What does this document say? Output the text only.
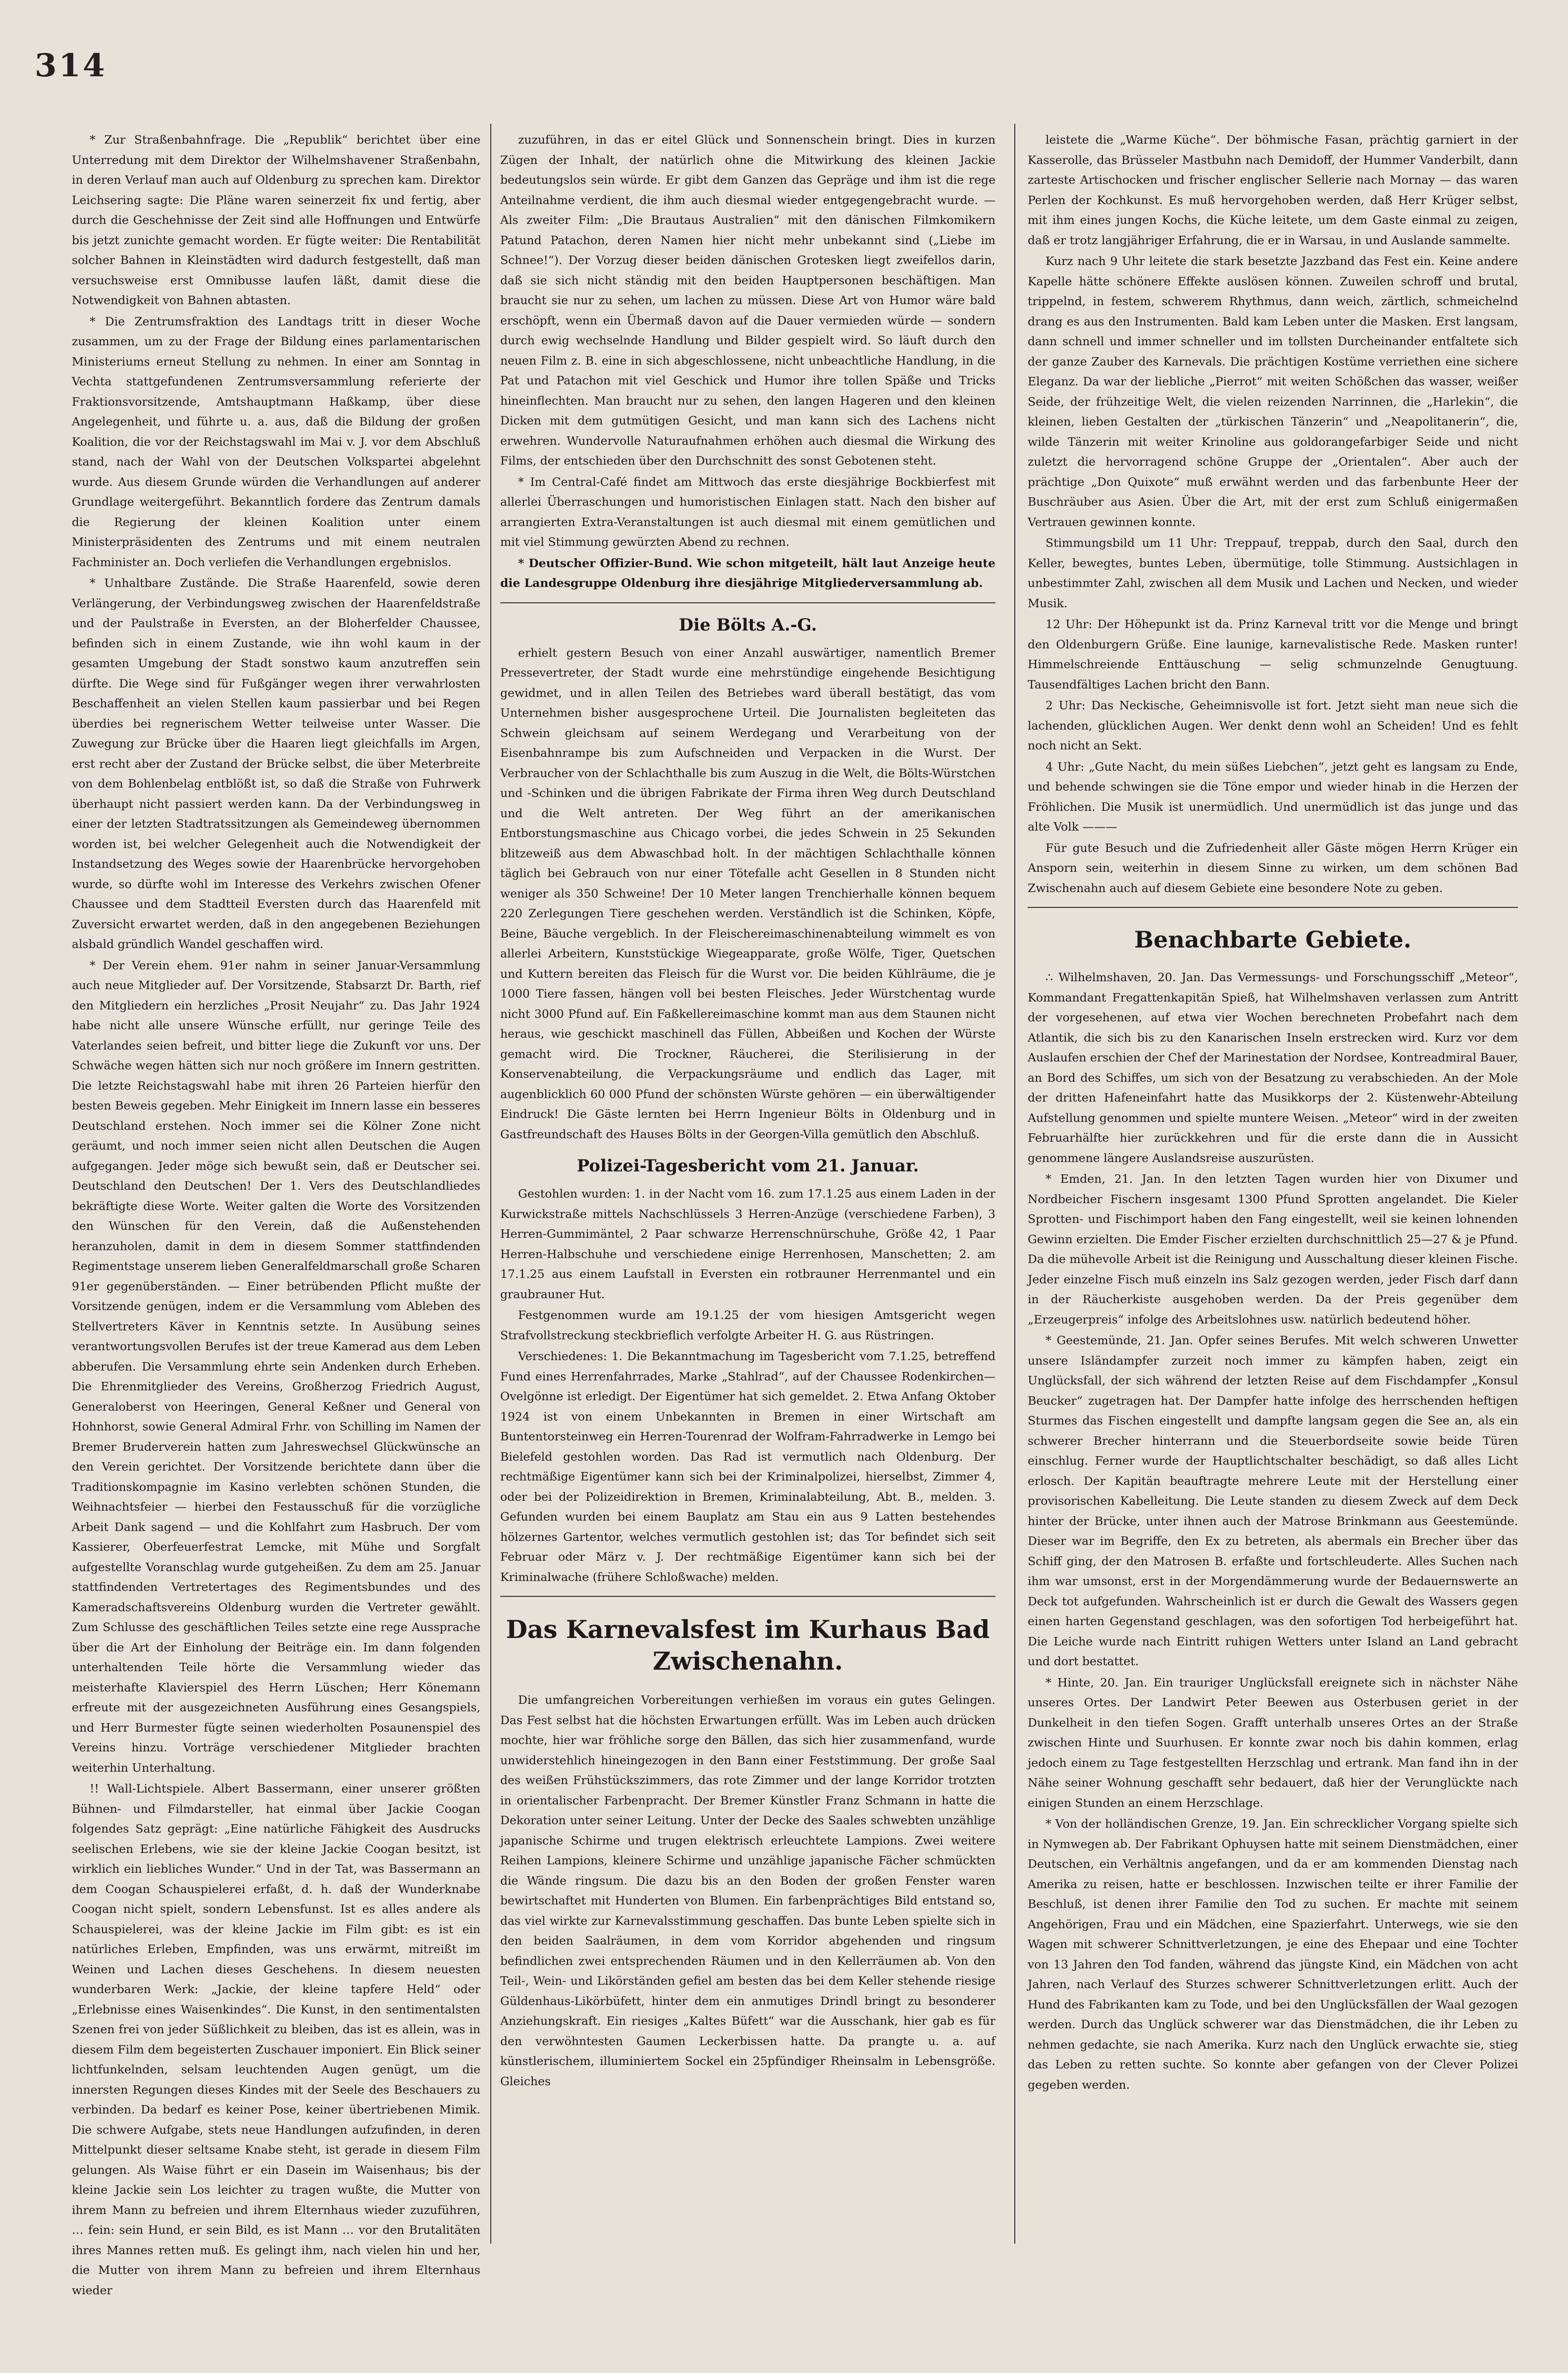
314

* Zur Straßenbahnfrage. Die „Republik“ berichtet über eine Unterredung mit dem Direktor der Wilhelmshavener Straßenbahn, in deren Verlauf man auch auf Oldenburg zu sprechen kam. Direktor Leichsering sagte: Die Pläne waren seinerzeit fix und fertig, aber durch die Geschehnisse der Zeit sind alle Hoffnungen und Entwürfe bis jetzt zunichte gemacht worden. Er fügte weiter: Die Rentabilität solcher Bahnen in Kleinstädten wird dadurch festgestellt, daß man versuchsweise erst Omnibusse laufen läßt, damit diese die Notwendigkeit von Bahnen abtasten.

* Die Zentrumsfraktion des Landtags tritt in dieser Woche zusammen, um zu der Frage der Bildung eines parlamentarischen Ministeriums erneut Stellung zu nehmen. In einer am Sonntag in Vechta stattgefundenen Zentrumsversammlung referierte der Fraktionsvorsitzende, Amtshauptmann Haßkamp, über diese Angelegenheit, und führte u. a. aus, daß die Bildung der großen Koalition, die vor der Reichstagswahl im Mai v. J. vor dem Abschluß stand, nach der Wahl von der Deutschen Volkspartei abgelehnt wurde. Aus diesem Grunde würden die Verhandlungen auf anderer Grundlage weitergeführt. Bekanntlich fordere das Zentrum damals die Regierung der kleinen Koalition unter einem Ministerpräsidenten des Zentrums und mit einem neutralen Fachminister an. Doch verliefen die Verhandlungen ergebnislos.

* Unhaltbare Zustände. Die Straße Haarenfeld, sowie deren Verlängerung, der Verbindungsweg zwischen der Haarenfeldstraße und der Paulstraße in Eversten, an der Bloherfelder Chaussee, befinden sich in einem Zustande, wie ihn wohl kaum in der gesamten Umgebung der Stadt sonstwo kaum anzutreffen sein dürfte. Die Wege sind für Fußgänger wegen ihrer verwahrlosten Beschaffenheit an vielen Stellen kaum passierbar und bei Regen überdies bei regnerischem Wetter teilweise unter Wasser. Die Zuwegung zur Brücke über die Haaren liegt gleichfalls im Argen, erst recht aber der Zustand der Brücke selbst, die über Meterbreite von dem Bohlenbelag entblößt ist, so daß die Straße von Fuhrwerk überhaupt nicht passiert werden kann. Da der Verbindungsweg in einer der letzten Stadtratssitzungen als Gemeindeweg übernommen worden ist, bei welcher Gelegenheit auch die Notwendigkeit der Instandsetzung des Weges sowie der Haarenbrücke hervorgehoben wurde, so dürfte wohl im Interesse des Verkehrs zwischen Ofener Chaussee und dem Stadtteil Eversten durch das Haarenfeld mit Zuversicht erwartet werden, daß in den angegebenen Beziehungen alsbald gründlich Wandel geschaffen wird.

* Der Verein ehem. 91er nahm in seiner Januar-Versammlung auch neue Mitglieder auf. Der Vorsitzende, Stabsarzt Dr. Barth, rief den Mitgliedern ein herzliches „Prosit Neujahr“ zu. Das Jahr 1924 habe nicht alle unsere Wünsche erfüllt, nur geringe Teile des Vaterlandes seien befreit, und bitter liege die Zukunft vor uns. Der Schwäche wegen hätten sich nur noch größere im Innern gestritten. Die letzte Reichstagswahl habe mit ihren 26 Parteien hierfür den besten Beweis gegeben. Mehr Einigkeit im Innern lasse ein besseres Deutschland erstehen. Noch immer sei die Kölner Zone nicht geräumt, und noch immer seien nicht allen Deutschen die Augen aufgegangen. Jeder möge sich bewußt sein, daß er Deutscher sei. Deutschland den Deutschen! Der 1. Vers des Deutschlandliedes bekräftigte diese Worte. Weiter galten die Worte des Vorsitzenden den Wünschen für den Verein, daß die Außenstehenden heranzuholen, damit in dem in diesem Sommer stattfindenden Regimentstage unserem lieben Generalfeldmarschall große Scharen 91er gegenüberständen. — Einer betrübenden Pflicht mußte der Vorsitzende genügen, indem er die Versammlung vom Ableben des Stellvertreters Käver in Kenntnis setzte. In Ausübung seines verantwortungsvollen Berufes ist der treue Kamerad aus dem Leben abberufen. Die Versammlung ehrte sein Andenken durch Erheben. Die Ehrenmitglieder des Vereins, Großherzog Friedrich August, Generaloberst von Heeringen, General Keßner und General von Hohnhorst, sowie General Admiral Frhr. von Schilling im Namen der Bremer Bruderverein hatten zum Jahreswechsel Glückwünsche an den Verein gerichtet. Der Vorsitzende berichtete dann über die Traditionskompagnie im Kasino verlebten schönen Stunden, die Weihnachtsfeier — hierbei den Festausschuß für die vorzügliche Arbeit Dank sagend — und die Kohlfahrt zum Hasbruch. Der vom Kassierer, Oberfeuerfestrat Lemcke, mit Mühe und Sorgfalt aufgestellte Voranschlag wurde gutgeheißen. Zu dem am 25. Januar stattfindenden Vertretertages des Regimentsbundes und des Kameradschaftsvereins Oldenburg wurden die Vertreter gewählt. Zum Schlusse des geschäftlichen Teiles setzte eine rege Aussprache über die Art der Einholung der Beiträge ein. Im dann folgenden unterhaltenden Teile hörte die Versammlung wieder das meisterhafte Klavierspiel des Herrn Lüschen; Herr Könemann erfreute mit der ausgezeichneten Ausführung eines Gesangspiels, und Herr Burmester fügte seinen wiederholten Posaunenspiel des Vereins hinzu. Vorträge verschiedener Mitglieder brachten weiterhin Unterhaltung.

!! Wall-Lichtspiele. Albert Bassermann, einer unserer größten Bühnen- und Filmdarsteller, hat einmal über Jackie Coogan folgendes Satz geprägt: „Eine natürliche Fähigkeit des Ausdrucks seelischen Erlebens, wie sie der kleine Jackie Coogan besitzt, ist wirklich ein liebliches Wunder.“ Und in der Tat, was Bassermann an dem Coogan Schauspielerei erfaßt, d. h. daß der Wunderknabe Coogan nicht spielt, sondern Lebensfunst. Ist es alles andere als Schauspielerei, was der kleine Jackie im Film gibt: es ist ein natürliches Erleben, Empfinden, was uns erwärmt, mitreißt im Weinen und Lachen dieses Geschehens. In diesem neuesten wunderbaren Werk: „Jackie, der kleine tapfere Held“ oder „Erlebnisse eines Waisenkindes“. Die Kunst, in den sentimentalsten Szenen frei von jeder Süßlichkeit zu bleiben, das ist es allein, was in diesem Film dem begeisterten Zuschauer imponiert. Ein Blick seiner lichtfunkelnden, selsam leuchtenden Augen genügt, um die innersten Regungen dieses Kindes mit der Seele des Beschauers zu verbinden. Da bedarf es keiner Pose, keiner übertriebenen Mimik. Die schwere Aufgabe, stets neue Handlungen aufzufinden, in deren Mittelpunkt dieser seltsame Knabe steht, ist gerade in diesem Film gelungen. Als Waise führt er ein Dasein im Waisenhaus; bis der kleine Jackie sein Los leichter zu tragen wußte, die Mutter von ihrem Mann zu befreien und ihrem Elternhaus wieder zuzuführen, … fein: sein Hund, er sein Bild, es ist Mann … vor den Brutalitäten ihres Mannes retten muß. Es gelingt ihm, nach vielen hin und her, die Mutter von ihrem Mann zu befreien und ihrem Elternhaus wieder

zuzuführen, in das er eitel Glück und Sonnenschein bringt. Dies in kurzen Zügen der Inhalt, der natürlich ohne die Mitwirkung des kleinen Jackie bedeutungslos sein würde. Er gibt dem Ganzen das Gepräge und ihm ist die rege Anteilnahme verdient, die ihm auch diesmal wieder entgegengebracht wurde. — Als zweiter Film: „Die Brautaus Australien“ mit den dänischen Filmkomikern Patund Patachon, deren Namen hier nicht mehr unbekannt sind („Liebe im Schnee!“). Der Vorzug dieser beiden dänischen Grotesken liegt zweifellos darin, daß sie sich nicht ständig mit den beiden Hauptpersonen beschäftigen. Man braucht sie nur zu sehen, um lachen zu müssen. Diese Art von Humor wäre bald erschöpft, wenn ein Übermaß davon auf die Dauer vermieden würde — sondern durch ewig wechselnde Handlung und Bilder gespielt wird. So läuft durch den neuen Film z. B. eine in sich abgeschlossene, nicht unbeachtliche Handlung, in die Pat und Patachon mit viel Geschick und Humor ihre tollen Späße und Tricks hineinflechten. Man braucht nur zu sehen, den langen Hageren und den kleinen Dicken mit dem gutmütigen Gesicht, und man kann sich des Lachens nicht erwehren. Wundervolle Naturaufnahmen erhöhen auch diesmal die Wirkung des Films, der entschieden über den Durchschnitt des sonst Gebotenen steht.

* Im Central-Café findet am Mittwoch das erste diesjährige Bockbierfest mit allerlei Überraschungen und humoristischen Einlagen statt. Nach den bisher auf arrangierten Extra-Veranstaltungen ist auch diesmal mit einem gemütlichen und mit viel Stimmung gewürzten Abend zu rechnen.

* Deutscher Offizier-Bund. Wie schon mitgeteilt, hält laut Anzeige heute die Landesgruppe Oldenburg ihre diesjährige Mitgliederversammlung ab.

Die Bölts A.-G.

erhielt gestern Besuch von einer Anzahl auswärtiger, namentlich Bremer Pressevertreter, der Stadt wurde eine mehrstündige eingehende Besichtigung gewidmet, und in allen Teilen des Betriebes ward überall bestätigt, das vom Unternehmen bisher ausgesprochene Urteil. Die Journalisten begleiteten das Schwein gleichsam auf seinem Werdegang und Verarbeitung von der Eisenbahnrampe bis zum Aufschneiden und Verpacken in die Wurst. Der Verbraucher von der Schlachthalle bis zum Auszug in die Welt, die Bölts-Würstchen und -Schinken und die übrigen Fabrikate der Firma ihren Weg durch Deutschland und die Welt antreten. Der Weg führt an der amerikanischen Entborstungsmaschine aus Chicago vorbei, die jedes Schwein in 25 Sekunden blitzeweiß aus dem Abwaschbad holt. In der mächtigen Schlachthalle können täglich bei Gebrauch von nur einer Tötefalle acht Gesellen in 8 Stunden nicht weniger als 350 Schweine! Der 10 Meter langen Trenchierhalle können bequem 220 Zerlegungen Tiere geschehen werden. Verständlich ist die Schinken, Köpfe, Beine, Bäuche vergeblich. In der Fleischereimaschinenabteilung wimmelt es von allerlei Arbeitern, Kunststückige Wiegeapparate, große Wölfe, Tiger, Quetschen und Kuttern bereiten das Fleisch für die Wurst vor. Die beiden Kühlräume, die je 1000 Tiere fassen, hängen voll bei besten Fleisches. Jeder Würstchentag wurde nicht 3000 Pfund auf. Ein Faßkellereimaschine kommt man aus dem Staunen nicht heraus, wie geschickt maschinell das Füllen, Abbeißen und Kochen der Würste gemacht wird. Die Trockner, Räucherei, die Sterilisierung in der Konservenabteilung, die Verpackungsräume und endlich das Lager, mit augenblicklich 60 000 Pfund der schönsten Würste gehören — ein überwältigender Eindruck! Die Gäste lernten bei Herrn Ingenieur Bölts in Oldenburg und in Gastfreundschaft des Hauses Bölts in der Georgen-Villa gemütlich den Abschluß.

Polizei-Tagesbericht vom 21. Januar.

Gestohlen wurden: 1. in der Nacht vom 16. zum 17.1.25 aus einem Laden in der Kurwickstraße mittels Nachschlüssels 3 Herren-Anzüge (verschiedene Farben), 3 Herren-Gummimäntel, 2 Paar schwarze Herrenschnürschuhe, Größe 42, 1 Paar Herren-Halbschuhe und verschiedene einige Herrenhosen, Manschetten; 2. am 17.1.25 aus einem Laufstall in Eversten ein rotbrauner Herrenmantel und ein graubrauner Hut.

Festgenommen wurde am 19.1.25 der vom hiesigen Amtsgericht wegen Strafvollstreckung steckbrieflich verfolgte Arbeiter H. G. aus Rüstringen.

Verschiedenes: 1. Die Bekanntmachung im Tagesbericht vom 7.1.25, betreffend Fund eines Herrenfahrrades, Marke „Stahlrad“, auf der Chaussee Rodenkirchen—Ovelgönne ist erledigt. Der Eigentümer hat sich gemeldet. 2. Etwa Anfang Oktober 1924 ist von einem Unbekannten in Bremen in einer Wirtschaft am Buntentorsteinweg ein Herren-Tourenrad der Wolfram-Fahrradwerke in Lemgo bei Bielefeld gestohlen worden. Das Rad ist vermutlich nach Oldenburg. Der rechtmäßige Eigentümer kann sich bei der Kriminalpolizei, hierselbst, Zimmer 4, oder bei der Polizeidirektion in Bremen, Kriminalabteilung, Abt. B., melden. 3. Gefunden wurden bei einem Bauplatz am Stau ein aus 9 Latten bestehendes hölzernes Gartentor, welches vermutlich gestohlen ist; das Tor befindet sich seit Februar oder März v. J. Der rechtmäßige Eigentümer kann sich bei der Kriminalwache (frühere Schloßwache) melden.

Das Karnevalsfest im Kurhaus Bad Zwischenahn.

Die umfangreichen Vorbereitungen verhießen im voraus ein gutes Gelingen. Das Fest selbst hat die höchsten Erwartungen erfüllt. Was im Leben auch drücken mochte, hier war fröhliche sorge den Bällen, das sich hier zusammenfand, wurde unwiderstehlich hineingezogen in den Bann einer Feststimmung. Der große Saal des weißen Frühstückszimmers, das rote Zimmer und der lange Korridor trotzten in orientalischer Farbenpracht. Der Bremer Künstler Franz Schmann in hatte die Dekoration unter seiner Leitung. Unter der Decke des Saales schwebten unzählige japanische Schirme und trugen elektrisch erleuchtete Lampions. Zwei weitere Reihen Lampions, kleinere Schirme und unzählige japanische Fächer schmückten die Wände ringsum. Die dazu bis an den Boden der großen Fenster waren bewirtschaftet mit Hunderten von Blumen. Ein farbenprächtiges Bild entstand so, das viel wirkte zur Karnevalsstimmung geschaffen. Das bunte Leben spielte sich in den beiden Saalräumen, in dem vom Korridor abgehenden und ringsum befindlichen zwei entsprechenden Räumen und in den Kellerräumen ab. Von den Teil-, Wein- und Likörständen gefiel am besten das bei dem Keller stehende riesige Güldenhaus-Likörbüfett, hinter dem ein anmutiges Drindl bringt zu besonderer Anziehungskraft. Ein riesiges „Kaltes Büfett“ war die Ausschank, hier gab es für den verwöhntesten Gaumen Leckerbissen hatte. Da prangte u. a. auf künstlerischem, illuminiertem Sockel ein 25pfündiger Rheinsalm in Lebensgröße. Gleiches

leistete die „Warme Küche“. Der böhmische Fasan, prächtig garniert in der Kasserolle, das Brüsseler Mastbuhn nach Demidoff, der Hummer Vanderbilt, dann zarteste Artischocken und frischer englischer Sellerie nach Mornay — das waren Perlen der Kochkunst. Es muß hervorgehoben werden, daß Herr Krüger selbst, mit ihm eines jungen Kochs, die Küche leitete, um dem Gaste einmal zu zeigen, daß er trotz langjähriger Erfahrung, die er in Warsau, in und Auslande sammelte.

Kurz nach 9 Uhr leitete die stark besetzte Jazzband das Fest ein. Keine andere Kapelle hätte schönere Effekte auslösen können. Zuweilen schroff und brutal, trippelnd, in festem, schwerem Rhythmus, dann weich, zärtlich, schmeichelnd drang es aus den Instrumenten. Bald kam Leben unter die Masken. Erst langsam, dann schnell und immer schneller und im tollsten Durcheinander entfaltete sich der ganze Zauber des Karnevals. Die prächtigen Kostüme verriethen eine sichere Eleganz. Da war der liebliche „Pierrot“ mit weiten Schößchen das wasser, weißer Seide, der frühzeitige Welt, die vielen reizenden Narrinnen, die „Harlekin“, die kleinen, lieben Gestalten der „türkischen Tänzerin“ und „Neapolitanerin“, die, wilde Tänzerin mit weiter Krinoline aus goldorangefarbiger Seide und nicht zuletzt die hervorragend schöne Gruppe der „Orientalen“. Aber auch der prächtige „Don Quixote“ muß erwähnt werden und das farbenbunte Heer der Buschräuber aus Asien. Über die Art, mit der erst zum Schluß einigermaßen Vertrauen gewinnen konnte.

Stimmungsbild um 11 Uhr: Treppauf, treppab, durch den Saal, durch den Keller, bewegtes, buntes Leben, übermütige, tolle Stimmung. Austsichlagen in unbestimmter Zahl, zwischen all dem Musik und Lachen und Necken, und wieder Musik.

12 Uhr: Der Höhepunkt ist da. Prinz Karneval tritt vor die Menge und bringt den Oldenburgern Grüße. Eine launige, karnevalistische Rede. Masken runter! Himmelschreiende Enttäuschung — selig schmunzelnde Genugtuung. Tausendfältiges Lachen bricht den Bann.

2 Uhr: Das Neckische, Geheimnisvolle ist fort. Jetzt sieht man neue sich die lachenden, glücklichen Augen. Wer denkt denn wohl an Scheiden! Und es fehlt noch nicht an Sekt.

4 Uhr: „Gute Nacht, du mein süßes Liebchen“, jetzt geht es langsam zu Ende, und behende schwingen sie die Töne empor und wieder hinab in die Herzen der Fröhlichen. Die Musik ist unermüdlich. Und unermüdlich ist das junge und das alte Volk ———

Für gute Besuch und die Zufriedenheit aller Gäste mögen Herrn Krüger ein Ansporn sein, weiterhin in diesem Sinne zu wirken, um dem schönen Bad Zwischenahn auch auf diesem Gebiete eine besondere Note zu geben.

Benachbarte Gebiete.

∴ Wilhelmshaven, 20. Jan. Das Vermessungs- und Forschungsschiff „Meteor“, Kommandant Fregattenkapitän Spieß, hat Wilhelmshaven verlassen zum Antritt der vorgesehenen, auf etwa vier Wochen berechneten Probefahrt nach dem Atlantik, die sich bis zu den Kanarischen Inseln erstrecken wird. Kurz vor dem Auslaufen erschien der Chef der Marinestation der Nordsee, Kontreadmiral Bauer, an Bord des Schiffes, um sich von der Besatzung zu verabschieden. An der Mole der dritten Hafeneinfahrt hatte das Musikkorps der 2. Küstenwehr-Abteilung Aufstellung genommen und spielte muntere Weisen. „Meteor“ wird in der zweiten Februarhälfte hier zurückkehren und für die erste dann die in Aussicht genommene längere Auslandsreise auszurüsten.

* Emden, 21. Jan. In den letzten Tagen wurden hier von Dixumer und Nordbeicher Fischern insgesamt 1300 Pfund Sprotten angelandet. Die Kieler Sprotten- und Fischimport haben den Fang eingestellt, weil sie keinen lohnenden Gewinn erzielten. Die Emder Fischer erzielten durchschnittlich 25—27 & je Pfund. Da die mühevolle Arbeit ist die Reinigung und Ausschaltung dieser kleinen Fische. Jeder einzelne Fisch muß einzeln ins Salz gezogen werden, jeder Fisch darf dann in der Räucherkiste ausgehoben werden. Da der Preis gegenüber dem „Erzeugerpreis“ infolge des Arbeitslohnes usw. natürlich bedeutend höher.

* Geestemünde, 21. Jan. Opfer seines Berufes. Mit welch schweren Unwetter unsere Isländampfer zurzeit noch immer zu kämpfen haben, zeigt ein Unglücksfall, der sich während der letzten Reise auf dem Fischdampfer „Konsul Beucker“ zugetragen hat. Der Dampfer hatte infolge des herrschenden heftigen Sturmes das Fischen eingestellt und dampfte langsam gegen die See an, als ein schwerer Brecher hinterrann und die Steuerbordseite sowie beide Türen einschlug. Ferner wurde der Hauptlichtschalter beschädigt, so daß alles Licht erlosch. Der Kapitän beauftragte mehrere Leute mit der Herstellung einer provisorischen Kabelleitung. Die Leute standen zu diesem Zweck auf dem Deck hinter der Brücke, unter ihnen auch der Matrose Brinkmann aus Geestemünde. Dieser war im Begriffe, den Ex zu betreten, als abermals ein Brecher über das Schiff ging, der den Matrosen B. erfaßte und fortschleuderte. Alles Suchen nach ihm war umsonst, erst in der Morgendämmerung wurde der Bedauernswerte an Deck tot aufgefunden. Wahrscheinlich ist er durch die Gewalt des Wassers gegen einen harten Gegenstand geschlagen, was den sofortigen Tod herbeigeführt hat. Die Leiche wurde nach Eintritt ruhigen Wetters unter Island an Land gebracht und dort bestattet.

* Hinte, 20. Jan. Ein trauriger Unglücksfall ereignete sich in nächster Nähe unseres Ortes. Der Landwirt Peter Beewen aus Osterbusen geriet in der Dunkelheit in den tiefen Sogen. Grafft unterhalb unseres Ortes an der Straße zwischen Hinte und Suurhusen. Er konnte zwar noch bis dahin kommen, erlag jedoch einem zu Tage festgestellten Herzschlag und ertrank. Man fand ihn in der Nähe seiner Wohnung geschafft sehr bedauert, daß hier der Verunglückte nach einigen Stunden an einem Herzschlage.

* Von der holländischen Grenze, 19. Jan. Ein schrecklicher Vorgang spielte sich in Nymwegen ab. Der Fabrikant Ophuysen hatte mit seinem Dienstmädchen, einer Deutschen, ein Verhältnis angefangen, und da er am kommenden Dienstag nach Amerika zu reisen, hatte er beschlossen. Inzwischen teilte er ihrer Familie der Beschluß, ist denen ihrer Familie den Tod zu suchen. Er machte mit seinem Angehörigen, Frau und ein Mädchen, eine Spazierfahrt. Unterwegs, wie sie den Wagen mit schwerer Schnittverletzungen, je eine des Ehepaar und eine Tochter von 13 Jahren den Tod fanden, während das jüngste Kind, ein Mädchen von acht Jahren, nach Verlauf des Sturzes schwerer Schnittverletzungen erlitt. Auch der Hund des Fabrikanten kam zu Tode, und bei den Unglücksfällen der Waal gezogen werden. Durch das Unglück schwerer war das Dienstmädchen, die ihr Leben zu nehmen gedachte, sie nach Amerika. Kurz nach den Unglück erwachte sie, stieg das Leben zu retten suchte. So konnte aber gefangen von der Clever Polizei gegeben werden.
